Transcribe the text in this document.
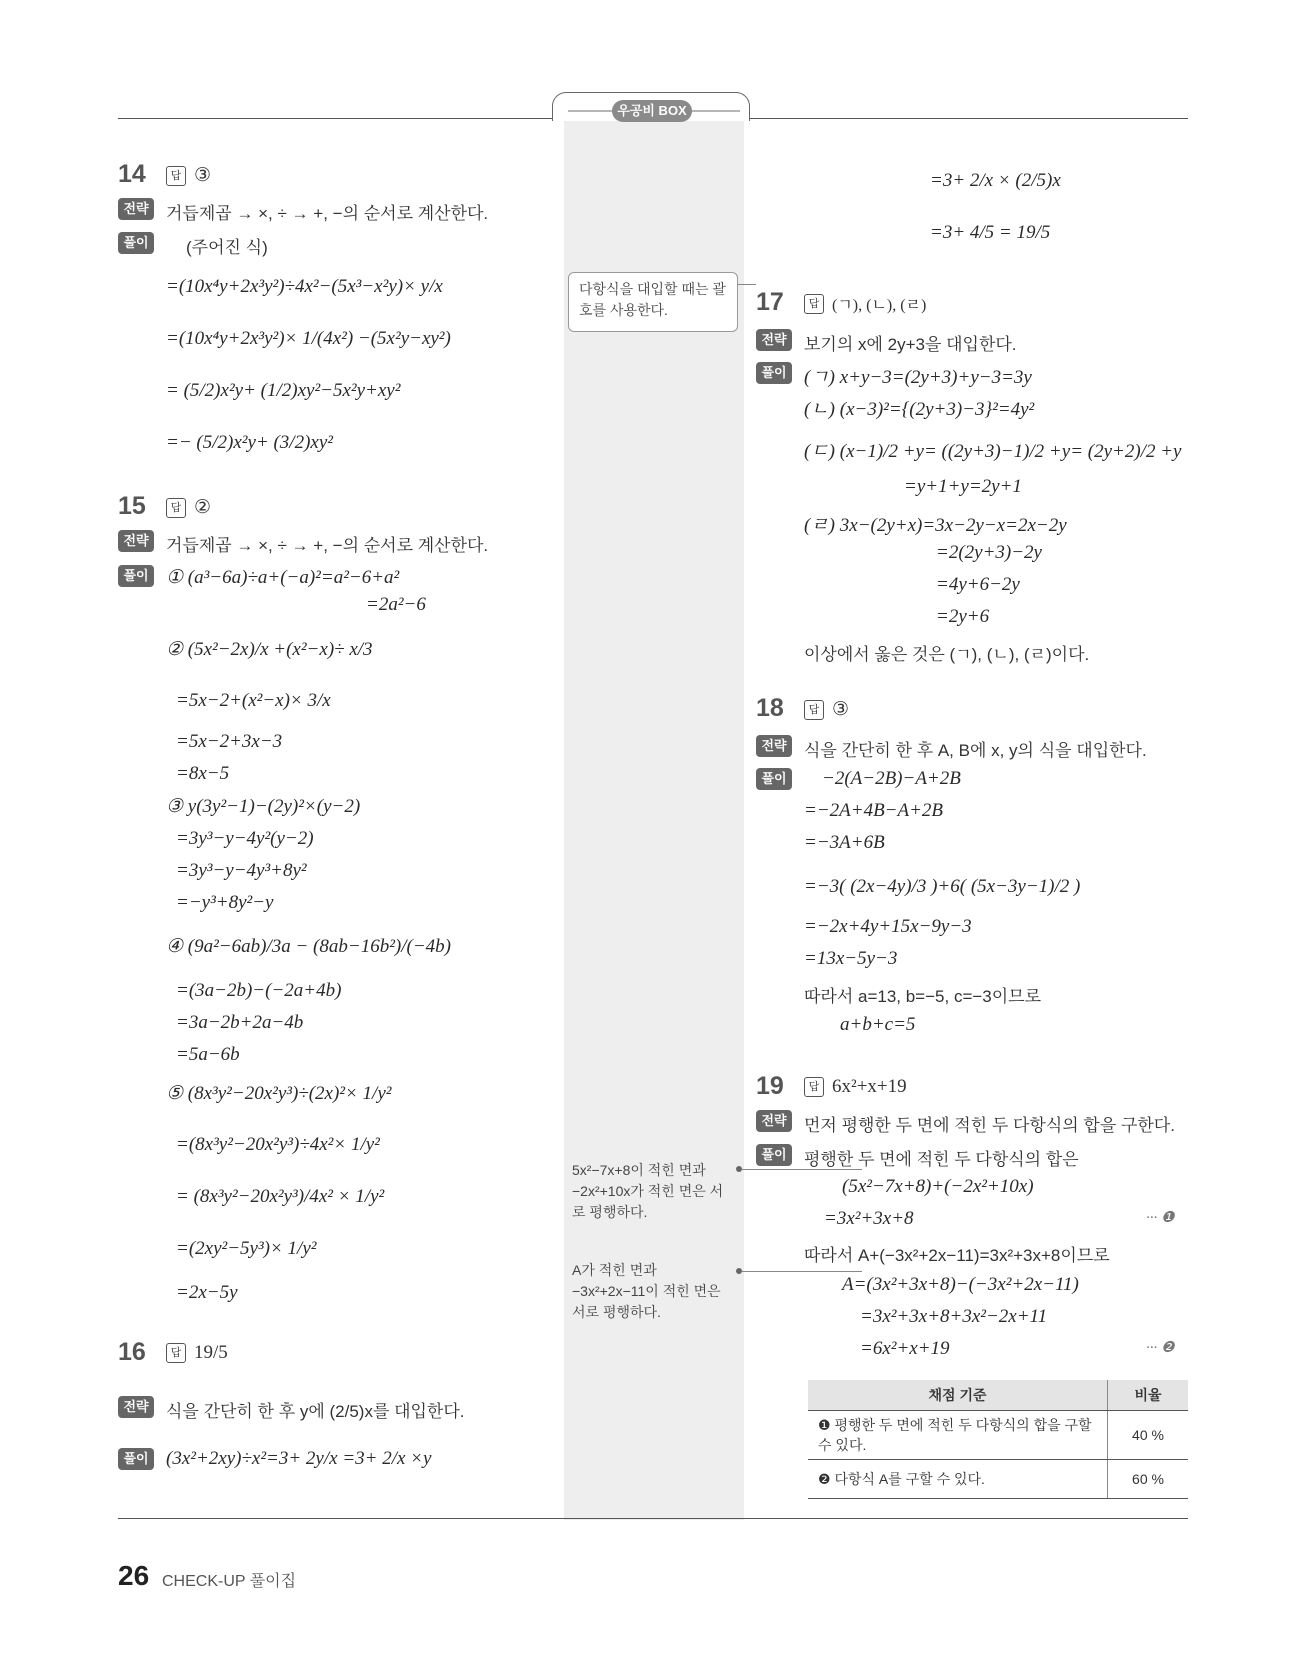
우공비 BOX
14	답 ③
전략	거듭제곱 → ×, ÷ → +, −의 순서로 계산한다.
풀이	(주어진 식)
=(10x⁴y+2x³y²)÷4x²−(5x³−x²y)× y/x
=(10x⁴y+2x³y²)× 1/(4x²) −(5x²y−xy²)
= (5/2)x²y+ (1/2)xy²−5x²y+xy²
=− (5/2)x²y+ (3/2)xy²
15	답 ②
전략	거듭제곱 → ×, ÷ → +, −의 순서로 계산한다.
풀이 ① (a³−6a)÷a+(−a)²=a²−6+a²
=2a²−6
② (5x²−2x)/x +(x²−x)÷ x/3
=5x−2+(x²−x)× 3/x
=5x−2+3x−3
=8x−5
③ y(3y²−1)−(2y)²×(y−2)
=3y³−y−4y²(y−2)
=3y³−y−4y³+8y²
=−y³+8y²−y
④ (9a²−6ab)/3a − (8ab−16b²)/(−4b)
=(3a−2b)−(−2a+4b)
=3a−2b+2a−4b
=5a−6b
⑤ (8x³y²−20x²y³)÷(2x)²× 1/y²
=(8x³y²−20x²y³)÷4x²× 1/y²
= (8x³y²−20x²y³)/4x² × 1/y²
=(2xy²−5y³)× 1/y²
=2x−5y
16	답 19/5
전략	식을 간단히 한 후 y에 (2/5)x를 대입한다.
풀이 (3x²+2xy)÷x²=3+ 2y/x =3+ 2/x ×y
=3+ 2/x × (2/5)x
=3+ 4/5 = 19/5
다항식을 대입할 때는 괄호를 사용한다.	17	답 (ㄱ), (ㄴ), (ㄹ)
전략	보기의 x에 2y+3을 대입한다.
풀이 (ㄱ) x+y−3=(2y+3)+y−3=3y
(ㄴ) (x−3)²={(2y+3)−3}²=4y²
(ㄷ) (x−1)/2 +y= ((2y+3)−1)/2 +y= (2y+2)/2 +y
=y+1+y=2y+1
(ㄹ) 3x−(2y+x)=3x−2y−x=2x−2y
=2(2y+3)−2y
=4y+6−2y
=2y+6
이상에서 옳은 것은 (ㄱ), (ㄴ), (ㄹ)이다.
18	답 ③
전략	식을 간단히 한 후 A, B에 x, y의 식을 대입한다.
풀이 −2(A−2B)−A+2B
=−2A+4B−A+2B
=−3A+6B
=−3( (2x−4y)/3 )+6( (5x−3y−1)/2 )
=−2x+4y+15x−9y−3
=13x−5y−3
따라서 a=13, b=−5, c=−3이므로
a+b+c=5
19	답 6x²+x+19
전략	먼저 평행한 두 면에 적힌 두 다항식의 합을 구한다.
풀이	평행한 두 면에 적힌 두 다항식의 합은
(5x²−7x+8)+(−2x²+10x)
=3x²+3x+8	··· ❶
따라서 A+(−3x²+2x−11)=3x²+3x+8이므로
A=(3x²+3x+8)−(−3x²+2x−11)
=3x²+3x+8+3x²−2x+11
=6x²+x+19	··· ❷
5x²−7x+8이 적힌 면과 −2x²+10x가 적힌 면은 서로 평행하다.
A가 적힌 면과 −3x²+2x−11이 적힌 면은 서로 평행하다.
채점 기준	비율
❶ 평행한 두 면에 적힌 두 다항식의 합을 구할 수 있다.	40 %
❷ 다항식 A를 구할 수 있다.	60 %
26 CHECK-UP 풀이집
